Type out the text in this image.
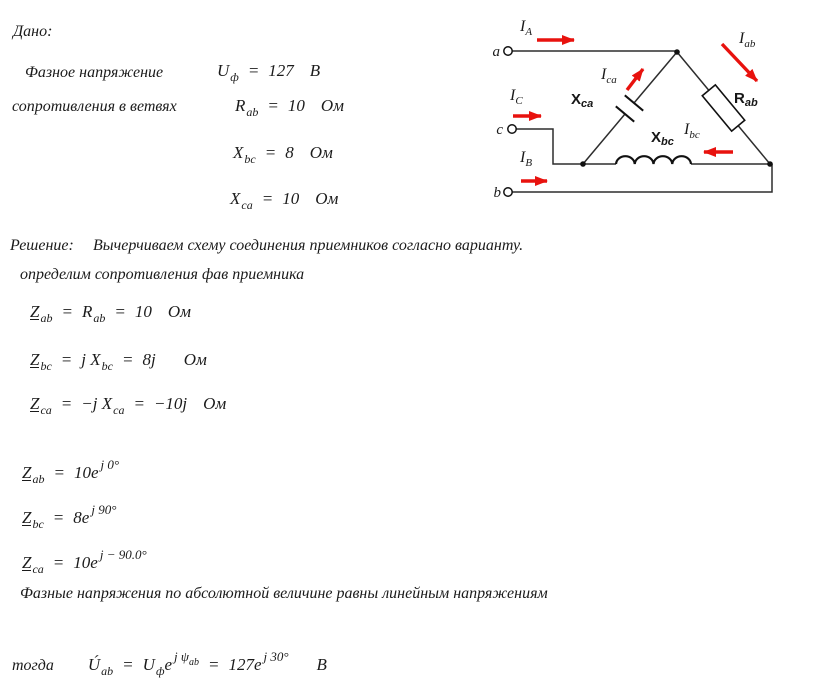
Дано:
Фазное напряжение	$U_ф = 127$ В
сопротивления в ветвях	$R_{ab} = 10$ Ом
$X_{bc} = 8$ Ом
$X_{ca} = 10$ Ом
a
c
b
$I_A$
$I_C$
$I_B$
$I_{ca}$
$I_{bc}$
$I_{ab}$
$X_{ca}$
$X_{bc}$
$R_{ab}$
Решение: Вычерчиваем схему соединения приемников согласно варианту.
определим сопротивления фав приемника
$Z_{ab} = R_{ab} = 10$ Ом
$Z_{bc} = j$ $X_{bc} = 8j$ Ом
$Z_{ca} = -j$ $X_{ca} = -10j$ Ом
$Z_{ab} = 10e$ $^{j 0^\circ}$
$Z_{bc} = 8e$ $^{j 90^\circ}$
$Z_{ca} = 10e$ $^{j - 90.0^\circ}$
Фазные напряжения по абсолютной величине равны линейным напряжениям
тогда $Ú_{ab} = U_фe$ $^{j \psi_{ab}}$ = 127e $^{j 30^\circ}$ В
